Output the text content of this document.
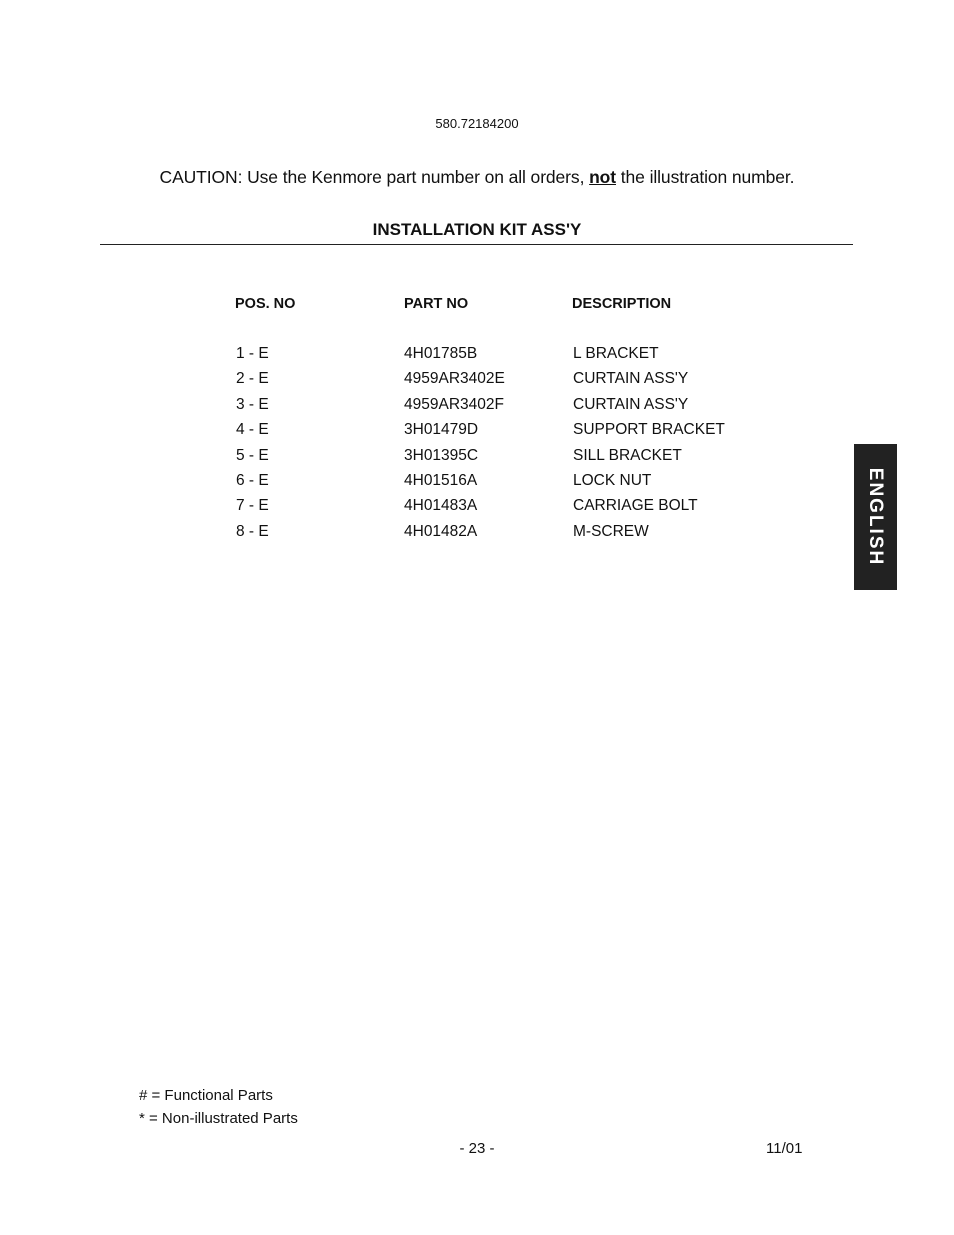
580.72184200
CAUTION: Use the Kenmore part number on all orders, not the illustration number.
INSTALLATION KIT ASS'Y
POS. NO	PART NO	DESCRIPTION
1 - E	4H01785B	L BRACKET
2 - E	4959AR3402E	CURTAIN ASS'Y
3 - E	4959AR3402F	CURTAIN ASS'Y
4 - E	3H01479D	SUPPORT BRACKET
5 - E	3H01395C	SILL BRACKET
6 - E	4H01516A	LOCK NUT
7 - E	4H01483A	CARRIAGE BOLT
8 - E	4H01482A	M-SCREW	ENGLISH
# = Functional Parts
* = Non-illustrated Parts
- 23 -	11/01
